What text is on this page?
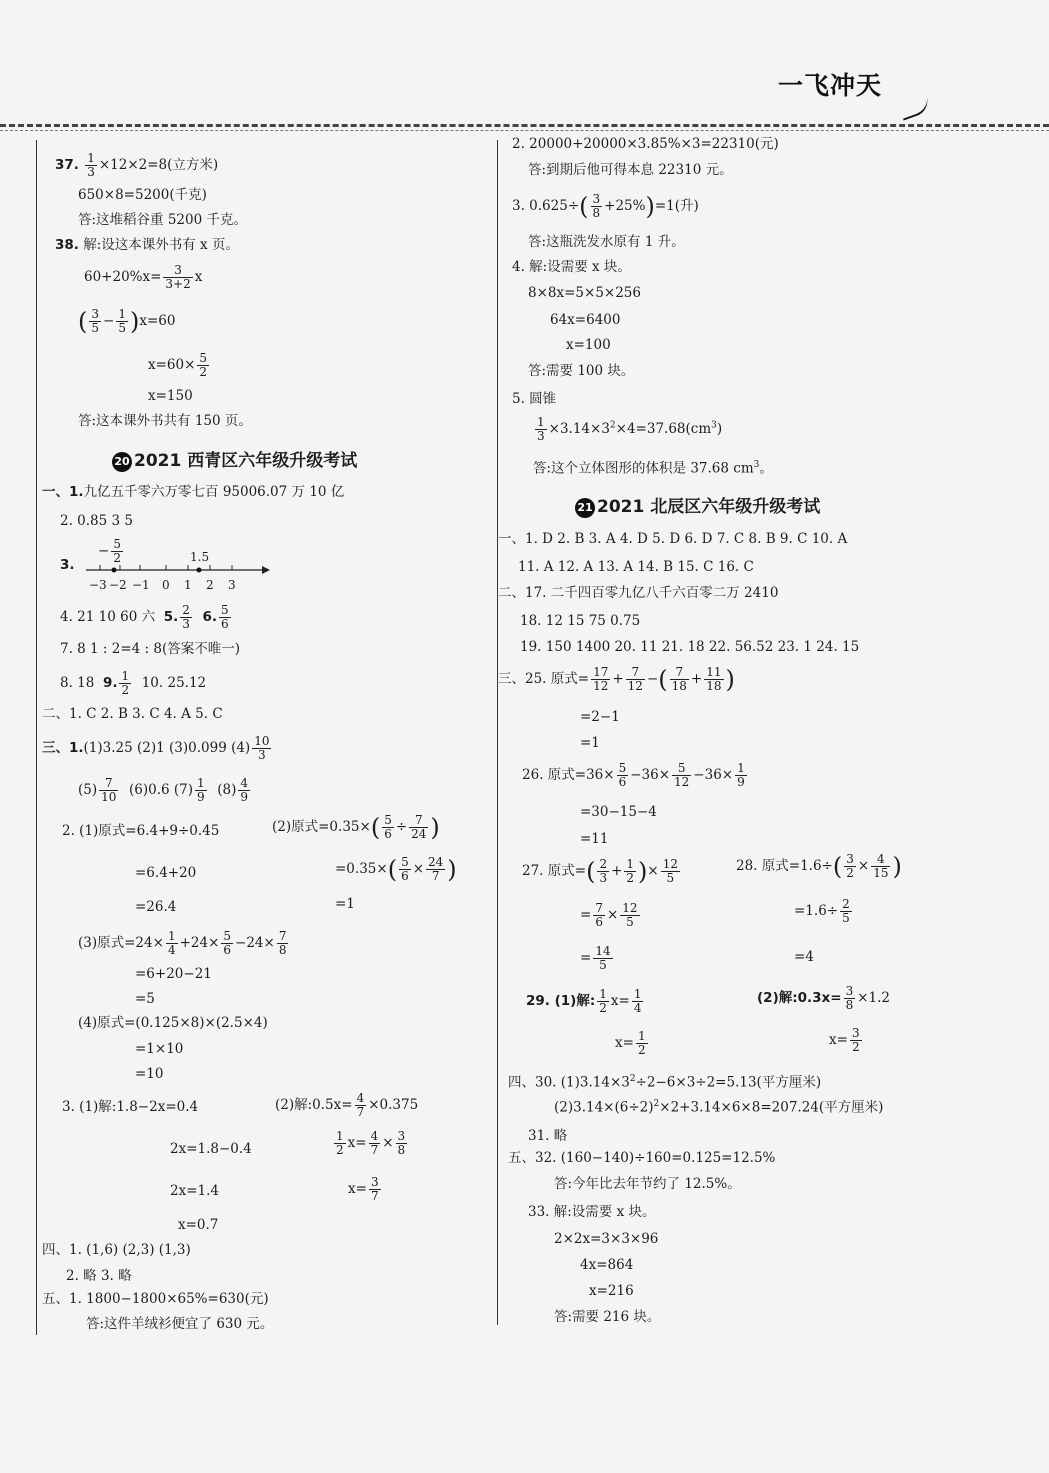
一飞冲天
37. $\frac{1}{3} \times 12\times 2=8$(立方米)
650×8=5200(千克)
答:这堆稻谷重 5200 千克。
38. 解:设这本课外书有 x 页。
$60+20\%x= \frac{3}{3+2}$ x
( $\frac{3}{5} - \frac{1}{5} )x=60$
$x=60\times \frac{5}{2}$
x=150
答:这本课外书共有 150 页。
20 2021 西青区六年级升级考试
一、1.九亿五千零六万零七百 95006.07 万 10 亿
2. 0.85 3 5
3.
− $\frac{5}{2}$	1.5
−3 −2 −1 0 1 2 3
4. 21 10 60 六 5. $\frac{2}{3} 6$. $\frac{5}{6}$
7. 8 1 : 2=4 : 8(答案不唯一)
8. 18 9. $\frac{1}{2} 10$. 25.12
二、1. C 2. B 3. C 4. A 5. C
三、1.(1)3.25 (2)1 (3)0.099 $(4) \frac{10}{3}$
$(5) \frac{7}{10} (6)0.6$ $(7) \frac{1}{9} (8) \frac{4}{9}$
2. (1)原式=6.4+9÷0.45	(2)原式$=0.35\times( \frac{5}{6} \div \frac{7}{24}$ )
=6.4+20	$=0.35\times( \frac{5}{6} \times \frac{24}{7}$ )
=26.4	=1
(3)原式$=24\times \frac{1}{4} +24\times \frac{5}{6} -24\times \frac{7}{8}$
=6+20−21
=5
(4)原式=(0.125×8)×(2.5×4)
=1×10
=10
3. (1)解:1.8−2x=0.4	(2)解:0.5x= $\frac{4}{7} \times 0.375$
2x=1.8−0.4	$\frac{1}{2} x= \frac{4}{7} \times \frac{3}{8}$
2x=1.4	$x= \frac{3}{7}$
x=0.7
四、1. (1,6) (2,3) (1,3)
2. 略 3. 略
五、1. 1800−1800×65%=630(元)
答:这件羊绒衫便宜了 630 元。
2. 20000+20000×3.85%×3=22310(元)
答:到期后他可得本息 22310 元。
3. $0.625\div( \frac{3}{8} +25\%)=1$(升)
答:这瓶洗发水原有 1 升。
4. 解:设需要 x 块。
8×8x=5×5×256
64x=6400
x=100
答:需要 100 块。
5. 圆锥
$\frac{1}{3} \times 3.14\times 3^2\times 4=37.68(cm^3)$
答:这个立体图形的体积是 37.68 $cm^3$。
21 2021 北辰区六年级升级考试
一、1. D 2. B 3. A 4. D 5. D 6. D 7. C 8. B 9. C 10. A
11. A 12. A 13. A 14. B 15. C 16. C
二、17. 二千四百零九亿八千六百零二万 2410
18. 12 15 75 0.75
19. 150 1400 20. 11 21. 18 22. 56.52 23. 1 24. 15
三、25. 原式= $\frac{17}{12} + \frac{7}{12}$ −( $\frac{7}{18} + \frac{11}{18}$ )
=2−1
=1
26. 原式$=36\times \frac{5}{6} -36\times \frac{5}{12} -36\times \frac{1}{9}$
=30−15−4
=11
27. 原式=( $\frac{2}{3} + \frac{1}{2}$ )× $\frac{12}{5}$
= $\frac{7}{6} \times \frac{12}{5}$
= $\frac{14}{5}$
28. 原式$=1.6\div( \frac{3}{2} \times \frac{4}{15}$ )
$=1.6\div \frac{2}{5}$
=4
29. (1)解: $\frac{1}{2} x= \frac{1}{4}$
$x= \frac{1}{2}$
(2)解:0.3x= $\frac{3}{8} \times 1.2$
$x= \frac{3}{2}$
四、30. $(1)3.14\times 3^2\div 2-6\times 3\div 2=5.13$(平方厘米)
$(2)3.14\times(6\div 2)^2\times 2+3.14\times 6\times 8=207.24$(平方厘米)
31. 略
五、32. (160−140)÷160=0.125=12.5%
答:今年比去年节约了 12.5%。
33. 解:设需要 x 块。
2×2x=3×3×96
4x=864
x=216
答:需要 216 块。
